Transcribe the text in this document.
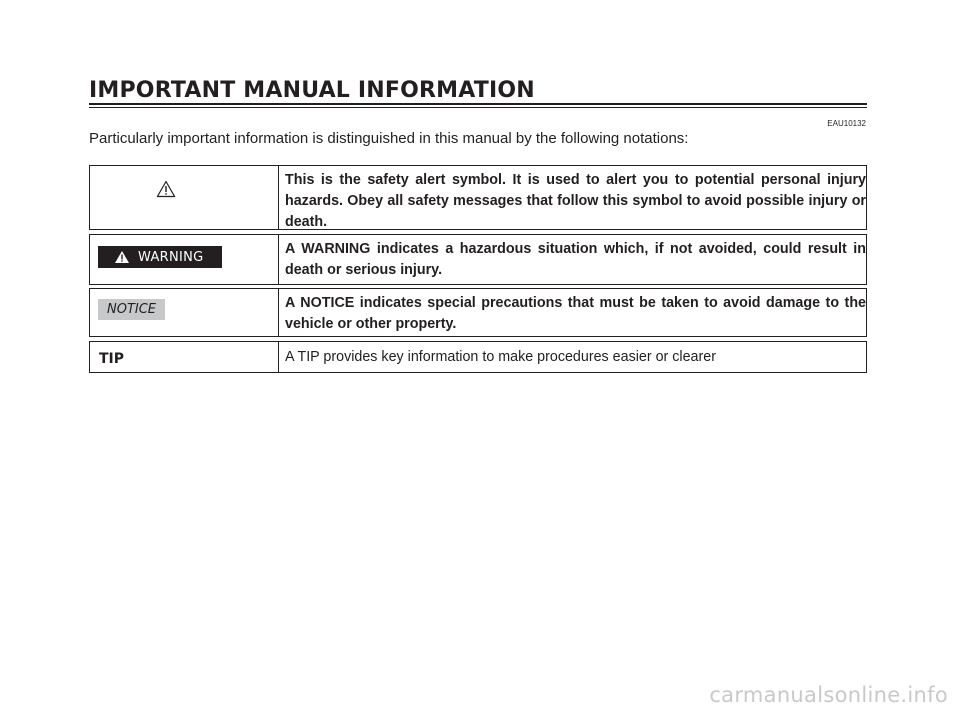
IMPORTANT MANUAL INFORMATION
EAU10132
Particularly important information is distinguished in this manual by the following notations:
This is the safety alert symbol. It is used to alert you to potential personal injury hazards. Obey all safety messages that follow this symbol to avoid possible injury or death.
WARNING	A WARNING indicates a hazardous situation which, if not avoided, could result in death or serious injury.
NOTICE	A NOTICE indicates special precautions that must be taken to avoid damage to the vehicle or other property.
TIP	A TIP provides key information to make procedures easier or clearer
carmanualsonline.info
